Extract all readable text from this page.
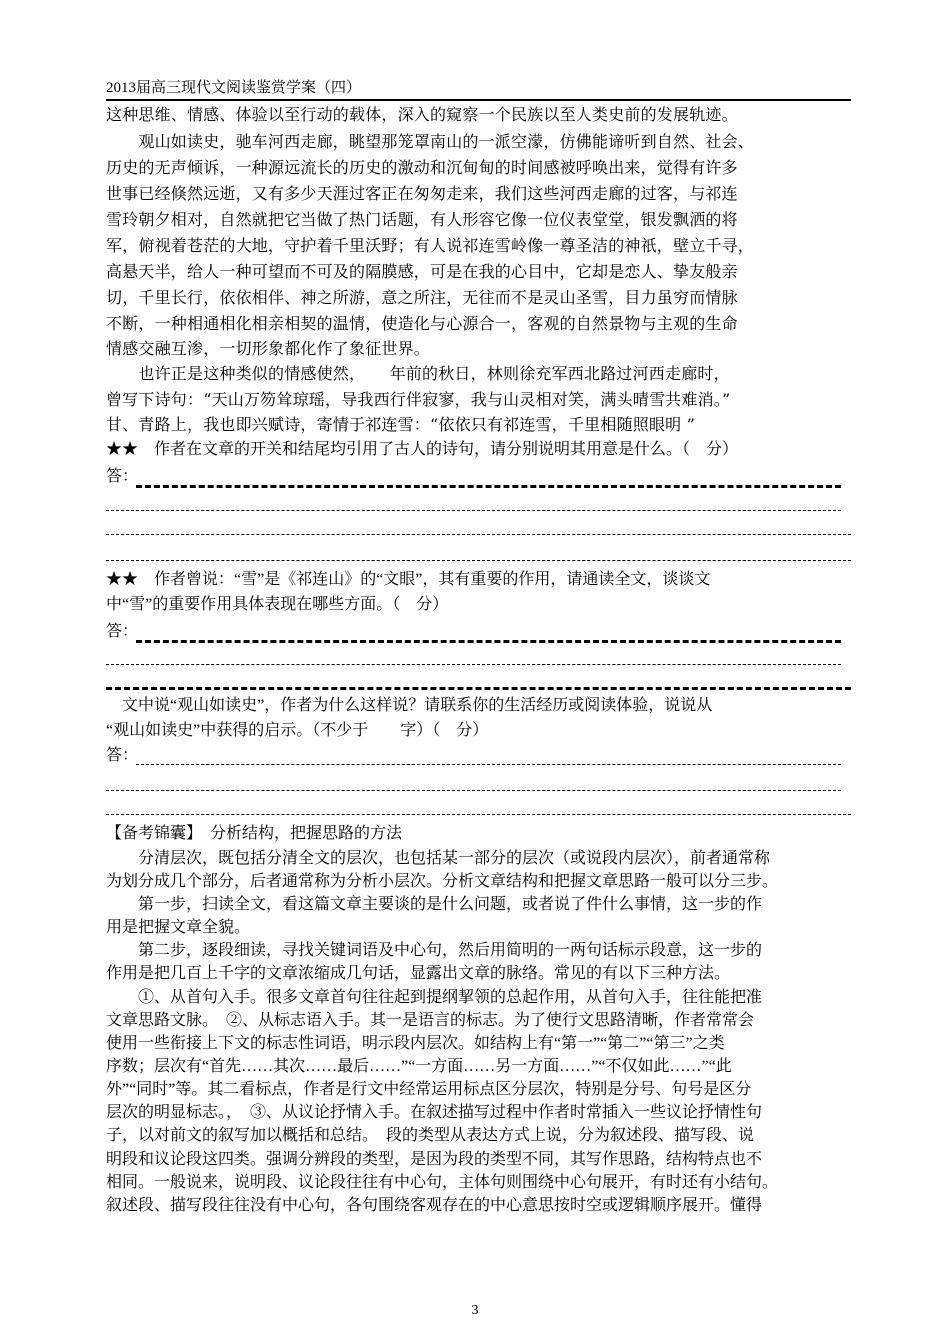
2013届高三现代文阅读鉴赏学案（四）
这种思维、情感、体验以至行动的载体，深入的窥察一个民族以至人类史前的发展轨迹。
　　观山如读史，驰车河西走廊，眺望那笼罩南山的一派空濛，仿佛能谛听到自然、社会、
历史的无声倾诉，一种源远流长的历史的激动和沉甸甸的时间感被呼唤出来，觉得有许多
世事已经倏然远逝，又有多少天涯过客正在匆匆走来，我们这些河西走廊的过客，与祁连
雪玲朝夕相对，自然就把它当做了热门话题，有人形容它像一位仪表堂堂，银发飘洒的将
军，俯视着苍茫的大地，守护着千里沃野；有人说祁连雪岭像一尊圣洁的神祇，壁立千寻，
高悬天半，给人一种可望而不可及的隔膜感，可是在我的心目中，它却是恋人、挚友般亲
切，千里长行，依依相伴、神之所游，意之所注，无往而不是灵山圣雪，目力虽穷而情脉
不断，一种相通相化相亲相契的温情，使造化与心源合一，客观的自然景物与主观的生命
情感交融互渗，一切形象都化作了象征世界。
　　也许正是这种类似的情感使然，　　年前的秋日，林则徐充军西北路过河西走廊时，
曾写下诗句：“天山万笏耸琼瑶，导我西行伴寂寥，我与山灵相对笑，满头晴雪共难消。”
甘、青路上，我也即兴赋诗，寄情于祁连雪：“依依只有祁连雪，千里相随照眼明 ”
★★　作者在文章的开关和结尾均引用了古人的诗句，请分别说明其用意是什么。（　分）
答：
★★　作者曾说：“雪”是《祁连山》的“文眼”，其有重要的作用，请通读全文，谈谈文
中“雪”的重要作用具体表现在哪些方面。（　分）
答：
　文中说“观山如读史”，作者为什么这样说？请联系你的生活经历或阅读体验，说说从
“观山如读史”中获得的启示。（不少于　　字）（　分）
答：
【备考锦囊】　分析结构，把握思路的方法
　　分清层次，既包括分清全文的层次，也包括某一部分的层次（或说段内层次），前者通常称
为划分成几个部分，后者通常称为分析小层次。分析文章结构和把握文章思路一般可以分三步。
　　第一步，扫读全文，看这篇文章主要谈的是什么问题，或者说了件什么事情，这一步的作
用是把握文章全貌。
　　第二步，逐段细读，寻找关键词语及中心句，然后用简明的一两句话标示段意，这一步的
作用是把几百上千字的文章浓缩成几句话，显露出文章的脉络。常见的有以下三种方法。
　　①、从首句入手。很多文章首句往往起到提纲挈领的总起作用，从首句入手，往往能把准
文章思路文脉。　②、从标志语入手。其一是语言的标志。为了使行文思路清晰，作者常常会
使用一些衔接上下文的标志性词语，明示段内层次。如结构上有“第一”“第二”“第三”之类
序数；层次有“首先……其次……最后……”“一方面……另一方面……”“不仅如此……”“此
外”“同时”等。其二看标点，作者是行文中经常运用标点区分层次，特别是分号、句号是区分
层次的明显标志。，　③、从议论抒情入手。在叙述描写过程中作者时常插入一些议论抒情性句
子，以对前文的叙写加以概括和总结。　段的类型从表达方式上说，分为叙述段、描写段、说
明段和议论段这四类。强调分辨段的类型，是因为段的类型不同，其写作思路，结构特点也不
相同。一般说来，说明段、议论段往往有中心句，主体句则围绕中心句展开，有时还有小结句。
叙述段、描写段往往没有中心句，各句围绕客观存在的中心意思按时空或逻辑顺序展开。懂得
3
